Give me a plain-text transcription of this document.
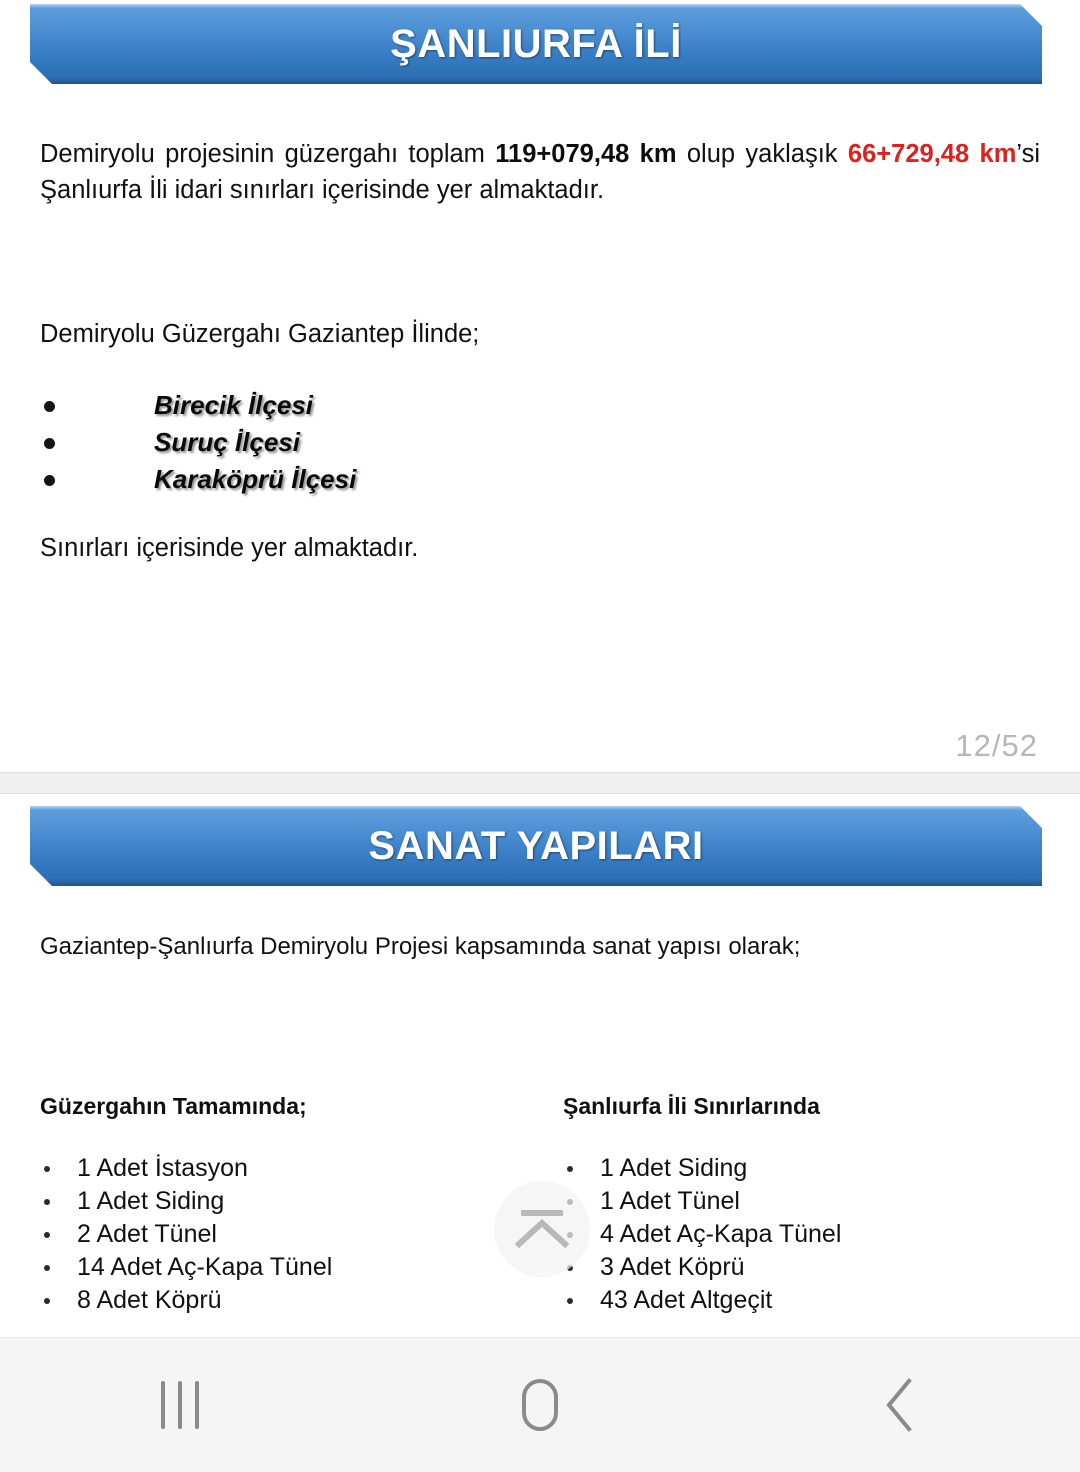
ŞANLIURFA İLİ

Demiryolu projesinin güzergahı toplam 119+079,48 km olup yaklaşık 66+729,48 km’si Şanlıurfa İli idari sınırları içerisinde yer almaktadır.

Demiryolu Güzergahı Gaziantep İlinde;

Birecik İlçesi
Suruç İlçesi
Karaköprü İlçesi

Sınırları içerisinde yer almaktadır.

12/52
SANAT YAPILARI

Gaziantep-Şanlıurfa Demiryolu Projesi kapsamında sanat yapısı olarak;

Güzergahın Tamamında;
1 Adet İstasyon
1 Adet Siding
2 Adet Tünel
14 Adet Aç-Kapa Tünel
8 Adet Köprü
Şanlıurfa İli Sınırlarında
1 Adet Siding
1 Adet Tünel
4 Adet Aç-Kapa Tünel
3 Adet Köprü
43 Adet Altgeçit
